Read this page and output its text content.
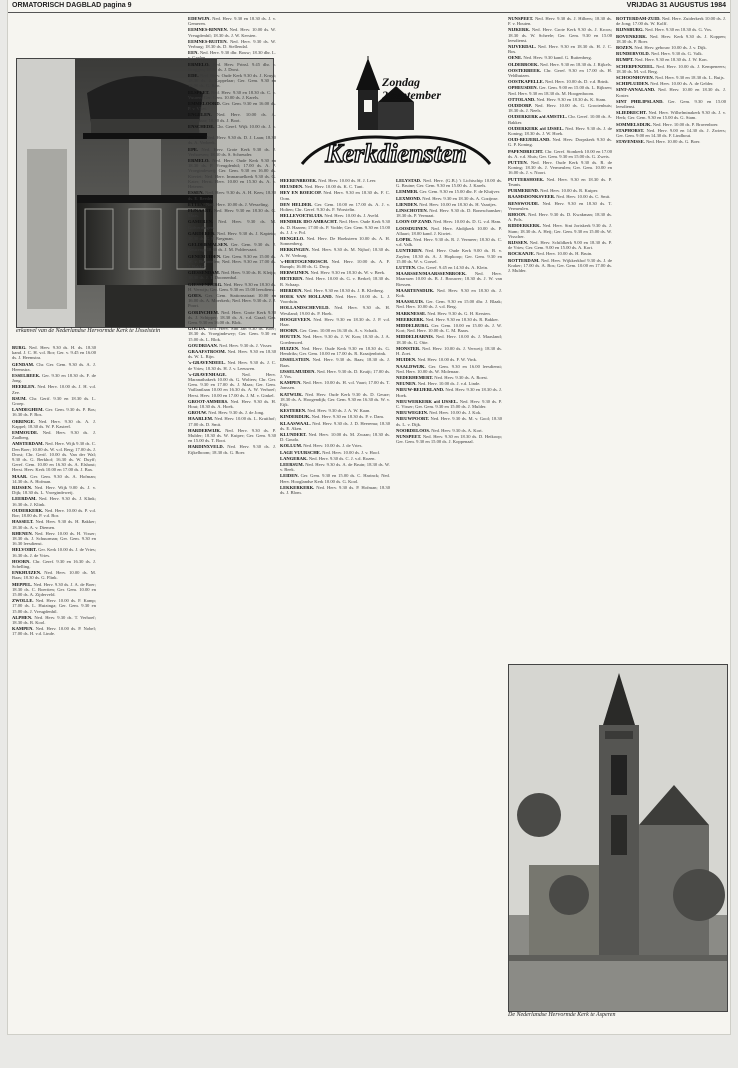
ORMATORISCH DAGBLAD pagina 9	VRIJDAG 31 AUGUSTUS 1984
erkanvel van de Nederlandse Hervormde Kerk te IJsselstein
Zondag
2 september
Kerkdiensten

BURG. Ned. Herv. 9.30 ds. H. ds. 18.30 kand. J. C. H. v.d. Bor; Ger. v. 9.45 en 16.00 ds. J. Heemstra.

GENDAM. Chr. Ger. Gem. 9.30 ds. A. J. Heemstra.

ESSELBEEK. Ger. 9.30 en 18.30 ds. F. de Jong.

HEERLEN. Ned. Herv. 10.00 ds. J. H. v.d. Zee.

RSUM. Chr. Gerif. 9.30 en 18.30 ds. L. Groep.

LANDEGHEM. Ger. Gem. 9.30 ds. P. Bos; 16.30 ds. P. Bos.

ORBINGE. Ned. Herv. 9.30 ds. A. J. Kappel; 18.30 ds. W. P. Kasteel.

EMMOUDE. Ned. Herv. 9.30 ds. J. Zaalberg.

AMSTERDAM. Ned. Herv. Wijk 9.30 ds. C. Den Boer; 10.00 ds. W. v.d. Berg; 17.00 ds. J. Drost; Chr. Gerif. 10.00 ds. Van der Wal; 9.30 ds. G. Berkhof; 16.30 ds. W. Duyff; Geref. Gem. 10.00 en 16.30 ds. A. Elshout; Herst. Herv. Kerk 10.00 en 17.00 ds. J. Bax.

MAAR. Ger. Gem. 9.30 ds. A. Hofman; 14.30 ds. A. Hofman.

RIJSSEN. Ned. Herv. Wijk 9.00 ds. J. v. Dijk; 18.30 ds. L. Vroegindeweij.

LEERDAM. Ned. Herv. 9.30 ds. J. Klink; 16.30 ds. J. Klink.

OUDERKERK. Ned. Herv. 10.00 ds. P. v.d. Bor; 18.00 ds. P. v.d. Bor.

HASSELT. Ned. Herv. 9.30 ds. H. Bakker; 18.30 ds. A. v. Diemen.

RHENEN. Ned. Herv. 10.00 ds. H. Visser; 18.30 ds. J. Schuurman; Ger. Gem. 9.30 en 16.30 leesdienst.

HELVOIRT. Ger. Kerk 10.00 ds. J. de Vries; 16.30 ds. J. de Vries.

HOORN. Chr. Geref. 9.30 en 16.30 ds. J. Schelling.

ENKHUIZEN. Ned. Herv. 10.00 ds. M. Baas; 18.30 ds. G. Flink.

MEPPEL. Ned. Herv. 9.30 ds. J. A. de Boer; 18.30 ds. C. Boertien; Ger. Gem. 10.00 en 15.00 ds. A. Zijderveld.

ZWOLLE. Ned. Herv. 10.00 ds. F. Kamp; 17.00 ds. L. Huizinga; Ger. Gem. 9.30 en 15.00 ds. J. Vreugdenhil.

ALPHEN. Ned. Herv. 9.30 ds. T. Verhoef; 18.30 ds. B. Kool.

KAMPEN. Ned. Herv. 10.00 ds. P. Nobel; 17.00 ds. H. v.d. Linde.

EDEWIJN. Ned. Herv. 9.30 en 18.30 ds. J. v. Gemeren.

EEMNES-BINNEN. Ned. Herv. 10.00 ds. W. Vreugdenhil; 18.30 ds. J. W. Kersten.

EEMNES-BUITEN. Ned. Herv. 9.30 ds. W. Verburg; 18.30 ds. D. Stellendal.

EEN. Ned. Herv. 9.30 dhr. Bouw; 18.30 dhr. L. v. Gaalen.

ERMELO. Ned. Herv. Prinsl. 9.45 dhr. v. Bruggen; 18.30 ds. J. Drost.

EDE. Ned. Herv. Oude Kerk 9.30 ds. J. Kruyt; 18.30 ds. J. Koppelaar; Ger. Gem. 9.30 en 15.00 ds. G. Rijn.

ELSPEET. Ned. Herv. 9.30 en 18.30 ds. C. v. Vuuren; Ger. Gem. 10.00 ds. J. Karels.

EMMELOORD. Ger. Gem. 9.30 en 16.00 ds. P. v. Vliet.

ENGELEN. Ned. Herv. 10.00 ds. A. Wapenaar; 18.30 ds. J. Boot.

ENSCHEDE. Chr. Geref. Wijk 10.00 ds. J. v. Weerd.

ENTER. Ned. Herv. 9.30 ds. D. J. Laan; 18.30 ds. A. Verbeek.

EPE. Ned. Herv. Grote Kerk 9.30 ds. J. Verhoeven; 18.30 ds. S. Schreuder.

ERMELO. Ned. Herv. Oude Kerk 9.30 en 18.30 ds. P. Vreugdenhil; 17.00 ds. A. P. Vroegindeweij; Ger. Gem. 9.30 en 16.00 ds. Kieviet; Ned. Herv. Immanuelkerk 9.30 ds. G. Kater; Herst. Herv. 10.00 en 15.30 ds. A. v. Heteren.

ESSEN. Ned. Herv. 9.30 ds. A. H. Kees; 18.30 ds. E. Reeder.

ETTEN. Ned. Herv. 10.00 ds. J. Wesseling.

FIJNAART. Ned. Herv. 9.30 en 18.30 ds. G. Maas.

GAMEREN. Ned. Herv. 9.30 ds. M. Golverdingen.

GARDEREN. Ned. Herv. 9.30 ds. J. Kaptein; 18.30 ds. C. F. Bregman.

GELDERMALSEN. Ger. Gem. 9.30 ds. J. Keuzeng; 18.30 ds. J. M. Poldervaart.

GENEMUIDEN. Ger. Gem. 9.30 en 15.00 ds. W. v. Bemmelen; Ned. Herv. 9.30 en 17.00 ds. J. Bakker.

GIESSENDAM. Ned. Herv. 9.30 ds. R. Kleijn; 18.30 ds. J. T. Doornenbal.

GIESSENBURG. Ned. Herv. 9.30 en 18.30 ds. H. Verwijs; Ger. Gem. 9.30 en 15.00 leesdienst.

GOES. Ger. Gem. Stationsstraat 10.00 en 16.00 ds. A. Moerkerk; Ned. Herv. 9.30 ds. J. J. Poort.

GORINCHEM. Ned. Herv. Grote Kerk 9.30 ds. J. Schipper; 18.30 ds. A. v.d. Graaf; Ger. Gem. 9.30 en 16.00 ds. Blok.

GOUDA. Ned. Herv. Sint Jan 9.30 ds. Boer; 18.30 ds. Vroegindewey; Ger. Gem. 9.30 en 15.00 ds. L. Blok.

GOUDRIAAN. Ned. Herv. 9.30 ds. J. Visser.

GRAAFSTROOM. Ned. Herv. 9.30 en 18.30 ds. W. L. Rijn.

's-GRAVENDEEL. Ned. Herv. 9.30 ds. J. C. de Vries; 18.30 ds. H. J. v. Leeuwen.

's-GRAVENHAGE. Ned. Herv. Maranathakerk 10.00 ds. G. Wolters; Chr. Ger. Gem. 9.30 en 17.00 ds. J. Maas; Ger. Gem. Vaillantlaan 10.00 en 16.30 ds. A. W. Verhoef; Herst. Herv. 10.00 en 17.00 ds. J. M. v. Ginkel.

GROOT-AMMERS. Ned. Herv. 9.30 ds. H. Hout; 18.30 ds. A. Hoek.

GROUW. Ned. Herv. 9.30 ds. J. de Jong.

HAARLEM. Ned. Herv. 10.00 ds. L. Kruithof; 17.00 ds. D. Smit.

HARDERWIJK. Ned. Herv. 9.30 ds. P. Mulder; 18.30 ds. W. Kuiper; Ger. Gem. 9.30 en 15.00 ds. T. Boot.

HARDINXVELD. Ned. Herv. 9.30 ds. J. Eijkelboom; 18.30 ds. G. Boer.

HEERENBROEK. Ned. Herv. 10.00 ds. H. J. Leer.

HEUSDEN. Ned. Herv. 10.00 ds. K. C. Tant.

HEY EN BOEICOP. Ned. Herv. 9.30 en 18.30 ds. F. C. Oom.

DEN HELDER. Ger. Gem. 10.00 en 17.00 ds. A. J. v. Holten; Chr. Geref. 9.30 ds. F. Worstelin.

HELLEVOETSLUIS. Ned. Herv. 10.00 ds. J. Aveld.

HENDRIK IDO AMBACHT. Ned. Herv. Oude Kerk 9.30 ds. D. Haaren; 17.00 ds. P. Vodde; Ger. Gem. 9.30 en 15.00 ds. J. J. v. Pol.

HENGELO. Ned. Herv. De Hoeksteen 10.00 ds. A. H. Sonnenberg.

HERKINGEN. Ned. Herv. 9.30 ds. M. Nijhof; 18.30 ds. A. W. Verburg.

's-HERTOGENBOSCH. Ned. Herv. 10.00 ds. A. F. Rumph; 16.00 ds. G. Drop.

HERWIJNEN. Ned. Herv. 9.30 en 18.30 ds. W. v. Beek.

HETEREN. Ned. Herv. 10.00 ds. G. v. Berkel; 18.30 ds. R. Schaap.

HIERDEN. Ned. Herv. 9.30 en 18.30 ds. J. B. Kleiberg.

HOEK VAN HOLLAND. Ned. Herv. 10.00 ds. L. J. Voorduin.

HOLLANDSCHEVELD. Ned. Herv. 9.30 ds. H. Westland; 19.00 ds. P. Hoek.

HOOGEVEEN. Ned. Herv. 9.30 en 18.30 ds. J. P. v.d. Haar.

HOORN. Ger. Gem. 10.00 en 16.30 ds. A. v. Schaik.

HOUTEN. Ned. Herv. 9.30 ds. J. W. Kon; 18.30 ds. J. A. Goedemoed.

HUIZEN. Ned. Herv. Oude Kerk 9.30 en 18.30 ds. G. Hendriks; Ger. Gem. 10.00 en 17.00 ds. R. Kraaijenbrink.

IJSSELSTEIN. Ned. Herv. 9.30 ds. Baas; 18.30 ds. J. Baas.

IJSSELMUIDEN. Ned. Herv. 9.30 ds. D. Kruijt; 17.00 ds. J. Vos.

KAMPEN. Ned. Herv. 10.00 ds. H. v.d. Vaart; 17.00 ds. T. Janssen.

KATWIJK. Ned. Herv. Oude Kerk 9.30 ds. D. Geuze; 18.30 ds. A. Hoogendijk; Ger. Gem. 9.30 en 16.30 ds. W. v. Eijk.

KESTEREN. Ned. Herv. 9.30 ds. J. A. W. Kaan.

KINDERDIJK. Ned. Herv. 9.30 en 18.30 ds. P. v. Dam.

KLAASWAAL. Ned. Herv. 9.30 ds. J. D. Heerema; 18.30 ds. E. Aken.

KLUNDERT. Ned. Herv. 10.00 ds. M. Zwaan; 18.30 ds. D. Gouda.

KOLLUM. Ned. Herv. 10.00 ds. J. de Vries.

LAGE VUURSCHE. Ned. Herv. 10.00 ds. J. v. Hoof.

LANGERAK. Ned. Herv. 9.30 ds. C. J. v.d. Rozen.

LEERSUM. Ned. Herv. 9.30 ds. A. de Bruin; 18.30 ds. W. v. Beek.

LEIDEN. Ger. Gem. 9.30 en 15.00 ds. C. Harinck; Ned. Herv. Hooglandse Kerk 10.00 ds. G. Kool.

LEKKERKERK. Ned. Herv. 9.30 ds. P. Hofman; 18.30 ds. J. Blom.

LELYSTAD. Ned. Herv. (G.B.) 't Lichtschip 10.00 ds. G. Bruine; Ger. Gem. 9.30 en 15.00 ds. J. Karels.

LEMMER. Ger. Gem. 9.30 en 15.00 dhr. F. de Kluijver.

LEXMOND. Ned. Herv. 9.30 en 18.30 ds. A. Cozijnse.

LIENDEN. Ned. Herv. 10.00 en 18.30 ds. H. Vaartjes.

LINSCHOTEN. Ned. Herv. 9.30 ds. D. Boneschansker; 18.30 ds. P. Vermaat.

LOON OP ZAND. Ned. Herv. 10.00 ds. D. G. v.d. Ham.

LOOSDUINEN. Ned. Herv. Abdijkerk 10.00 ds. P. Allaart; 18.00 kand. J. Kiwiet.

LOPIK. Ned. Herv. 9.30 ds. R. J. Vermeer; 18.30 ds. C. v.d. Valk.

LUNTEREN. Ned. Herv. Oude Kerk 9.00 ds. B. v. Zuylen; 18.30 ds. A. J. Hopkoop; Ger. Gem. 9.30 en 15.00 ds. W. v. Gorsel.

LUTTEN. Chr. Geref. 9.45 en 14.30 ds. A. Klein.

MAARSSEN/MAARSSENBROEK. Ned. Herv. Maarssen 10.00 ds. B. J. Brouwer; 18.30 ds. J. W. van Riessen.

MAARTENSDIJK. Ned. Herv. 9.30 en 18.30 ds. J. Kok.

MAASSLUIS. Ger. Gem. 9.30 en 15.00 dhr. J. Blaak; Ned. Herv. 10.00 ds. J. v.d. Berg.

MARKNESSE. Ned. Herv. 9.30 ds. G. H. Kersten.

MEERKERK. Ned. Herv. 9.30 en 18.30 ds. R. Bakker.

MIDDELBURG. Ger. Gem. 10.00 en 15.00 ds. J. W. Kort; Ned. Herv. 10.00 ds. C. M. Baars.

MIDDELHARNIS. Ned. Herv. 10.00 ds. J. Maasland; 18.30 ds. G. Otte.

MONSTER. Ned. Herv. 10.00 ds. J. Verweij; 18.30 ds. H. Zoet.

MUIDEN. Ned. Herv. 10.00 ds. F. W. Vink.

NAALDWIJK. Ger. Gem. 9.30 en 16.00 leesdienst; Ned. Herv. 10.00 ds. W. Molenaar.

NEDERHEMERT. Ned. Herv. 9.30 ds. A. Roest.

NEUNEN. Ned. Herv. 10.00 ds. J. v.d. Linde.

NIEUW-BEIJERLAND. Ned. Herv. 9.30 en 18.30 ds. J. Hoek.

NIEUWERKERK a/d IJSSEL. Ned. Herv. 9.30 ds. P. C. Visser; Ger. Gem. 9.30 en 15.00 ds. J. Mulder.

NIEUWEGEIN. Ned. Herv. 10.00 ds. J. Kok.

NIEUWPOORT. Ned. Herv. 9.30 ds. M. v. Gool; 18.30 ds. L. v. Dijk.

NOORDELOOS. Ned. Herv. 9.30 ds. A. Kort.

NUNSPEET. Ned. Herv. 9.30 en 18.30 ds. D. Heikoop; Ger. Gem. 9.30 en 15.00 ds. J. Koppenaal.

NUNSPEET. Ned. Herv. 9.30 ds. J. Hilbers; 18.30 ds. F. v. Houten.

NIJKERK. Ned. Herv. Grote Kerk 9.30 ds. J. Kroos; 18.30 ds. W. Scheele; Ger. Gem. 9.30 en 15.00 leesdienst.

NIJVERDAL. Ned. Herv. 9.30 en 18.30 ds. H. J. C. Bos.

OENE. Ned. Herv. 9.30 kand. G. Ruitenberg.

OLDEBROEK. Ned. Herv. 9.30 en 18.30 ds. J. Rijkels.

OOSTERBEEK. Chr. Geref. 9.30 en 17.00 ds. H. Veldhuizen.

OOSTKAPELLE. Ned. Herv. 10.00 ds. D. v.d. Brink.

OPHEUSDEN. Ger. Gem. 9.00 en 15.00 ds. L. Rijksen; Ned. Herv. 9.30 en 18.30 ds. M. Hoogenboom.

OTTOLAND. Ned. Herv. 9.30 en 18.30 ds. K. Stam.

OUDDORP. Ned. Herv. 10.00 ds. G. Grootenhuis; 18.30 ds. J. Neels.

OUDERKERK a/d AMSTEL. Chr. Geref. 10.00 ds. A. Bakker.

OUDERKERK a/d IJSSEL. Ned. Herv. 9.30 ds. J. de Koning; 18.30 ds. J. W. Hoek.

OUD-BEIJERLAND. Ned. Herv. Dorpskerk 9.30 ds. G. P. Koning.

PAPENDRECHT. Chr. Geref. Sionkerk 10.00 en 17.00 ds. A. v.d. Sluis; Ger. Gem. 9.30 en 15.00 ds. G. Zwets.

PUTTEN. Ned. Herv. Oude Kerk 9.30 ds. R. de Koning; 18.30 ds. J. Vermeulen; Ger. Gem. 10.00 en 16.00 ds. J. v. Noort.

PUTTERSHOEK. Ned. Herv. 9.30 en 18.30 ds. P. Teunis.

PURMEREND. Ned. Herv. 10.00 ds. R. Kuiper.

RAAMSDONKSVEER. Ned. Herv. 10.00 ds. C. Smit.

RENSWOUDE. Ned. Herv. 9.30 en 18.30 ds. T. Vermeulen.

RHOON. Ned. Herv. 9.30 ds. D. Kwakman; 18.30 ds. A. Pols.

RIDDERKERK. Ned. Herv. Sint Joriskerk 9.30 ds. J. Stam; 18.30 ds. A. Heij; Ger. Gem. 9.30 en 15.00 ds. W. Visscher.

RIJSSEN. Ned. Herv. Schildkerk 9.00 en 18.30 ds. P. de Vries; Ger. Gem. 9.00 en 15.00 ds. A. Kort.

ROCKANJE. Ned. Herv. 10.00 ds. H. Bruin.

ROTTERDAM. Ned. Herv. Wijkkerkhof 9.30 ds. J. de Kraker; 17.00 ds. A. Bos; Ger. Gem. 10.00 en 17.00 ds. J. Mulder.

ROTTERDAM-ZUID. Ned. Herv. Zuiderkerk 10.00 ds. J. de Jong; 17.00 ds. W. Kolff.

RIJNSBURG. Ned. Herv. 9.30 en 18.30 ds. G. Vos.

BOVENKERK. Ned. Herv. Kerk 9.30 ds. J. Koppen; 18.30 ds. P. Boer.

BOZEN. Ned. Herv. gebouw 10.00 ds. J. v. Dijk.

RUNDERVOLD. Ned. Herv. 9.30 ds. G. Valk.

RUMPT. Ned. Herv. 9.30 en 18.30 ds. J. W. Kon.

SCHERPENZEEL. Ned. Herv. 10.00 ds. J. Kempeneers; 18.30 ds. M. v.d. Berg.

SCHOONHOVEN. Ned. Herv. 9.30 en 18.30 ds. L. Buijs.

SCHIPLUIDEN. Ned. Herv. 10.00 ds. A. de Gelder.

SINT-ANNALAND. Ned. Herv. 10.00 en 18.30 ds. J. Koster.

SINT PHILIPSLAND. Ger. Gem. 9.30 en 15.00 leesdienst.

SLIEDRECHT. Ned. Herv. Wilhelminakerk 9.30 ds. J. v. Herk; Ger. Gem. 9.30 en 15.00 ds. G. Stam.

SOMMELSDIJK. Ned. Herv. 10.00 ds. P. Bravenboer.

STAPHORST. Ned. Herv. 9.00 en 14.30 ds. J. Zwiers; Ger. Gem. 9.00 en 14.30 ds. F. Lindhout.

STAVENISSE. Ned. Herv. 10.00 ds. G. Boer.

De Nederlandse Hervormde Kerk te Asperen
